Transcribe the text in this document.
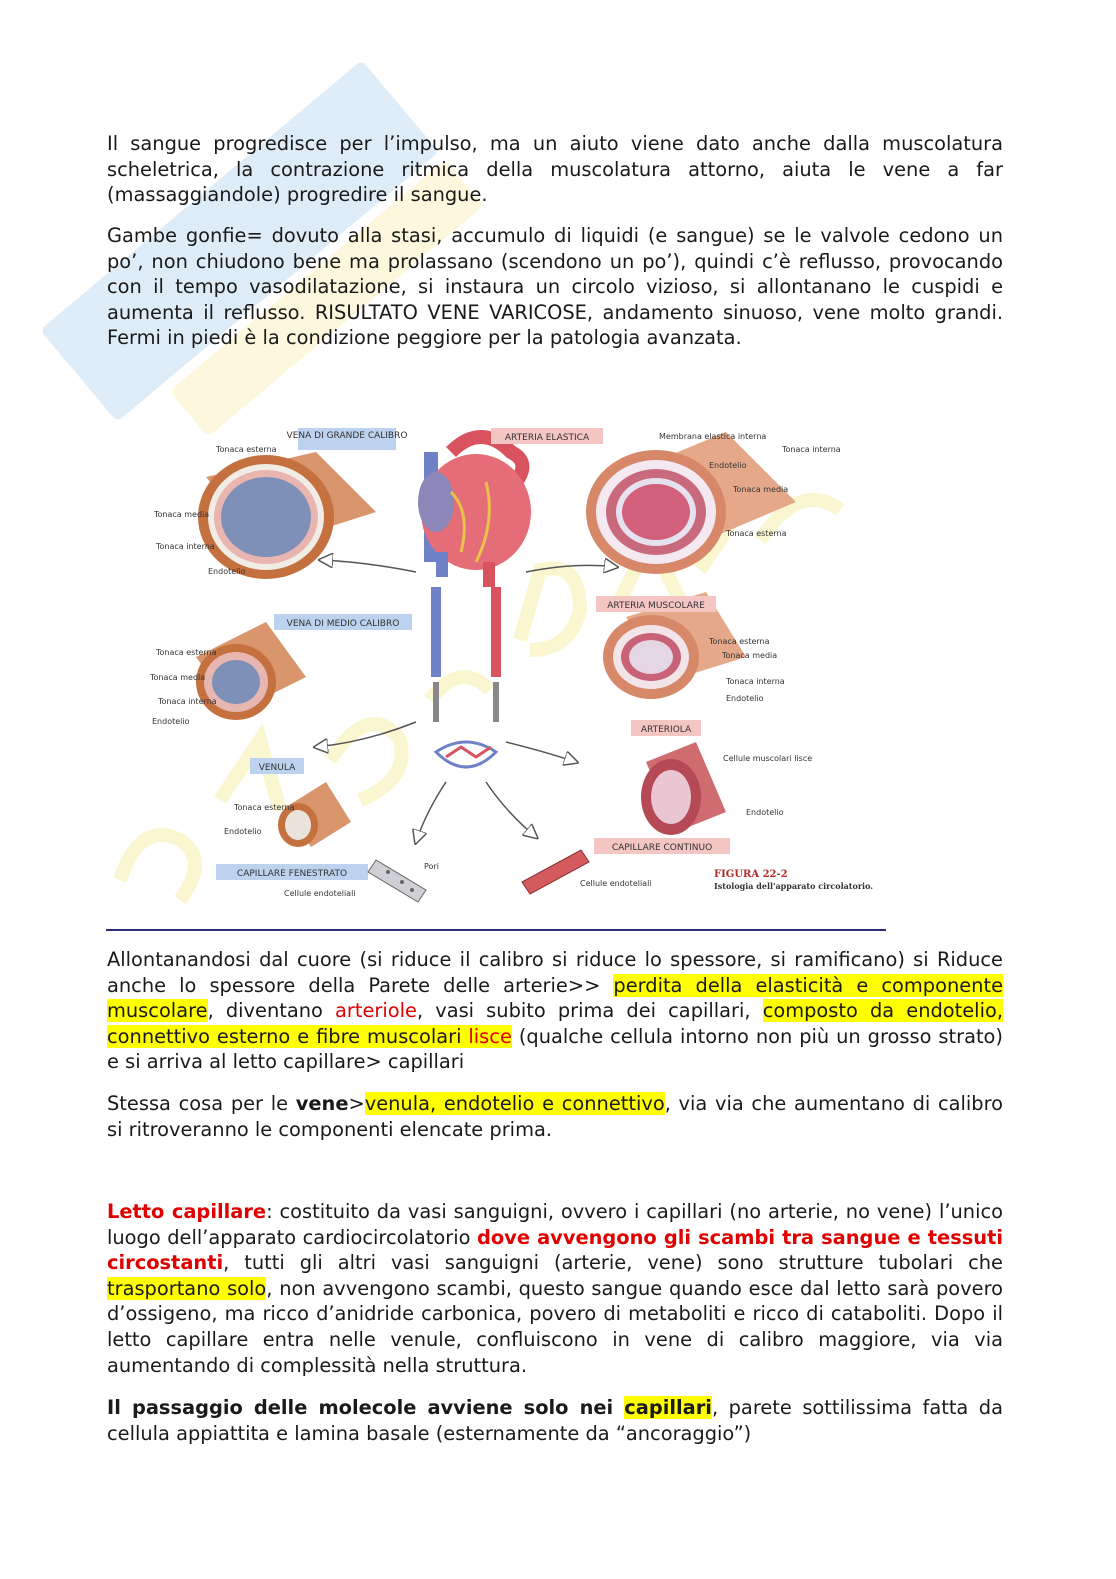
Il sangue progredisce per l’impulso, ma un aiuto viene dato anche dalla muscolatura scheletrica, la contrazione ritmica della muscolatura attorno, aiuta le vene a far (massaggiandole) progredire il sangue.

Gambe gonfie= dovuto alla stasi, accumulo di liquidi (e sangue) se le valvole cedono un po’, non chiudono bene ma prolassano (scendono un po’), quindi c’è reflusso, provocando con il tempo vasodilatazione, si instaura un circolo vizioso, si allontanano le cuspidi e aumenta il reflusso. RISULTATO VENE VARICOSE, andamento sinuoso, vene molto grandi. Fermi in piedi è la condizione peggiore per la patologia avanzata.

VENA DI GRANDE CALIBRO
Tonaca esterna
Tonaca media
Tonaca interna
Endotelio
ARTERIA ELASTICA	Membrana elastica interna
Endotelio
Tonaca interna
Tonaca media
Tonaca esterna
VENA DI MEDIO CALIBRO
Tonaca esterna
Tonaca media
Tonaca interna
Endotelio
ARTERIA MUSCOLARE
Tonaca esterna
Tonaca media
Tonaca interna
Endotelio
ARTERIOLA
Cellule muscolari lisce
Endotelio
VENULA
Tonaca esterna
Endotelio
CAPILLARE FENESTRATO
Pori
Cellule endoteliali
CAPILLARE CONTINUO
Cellule endoteliali
FIGURA 22-2
Istologia dell'apparato circolatorio.

Allontanandosi dal cuore (si riduce il calibro si riduce lo spessore, si ramificano) si Riduce anche lo spessore della Parete delle arterie>> perdita della elasticità e componente muscolare, diventano arteriole, vasi subito prima dei capillari, composto da endotelio, connettivo esterno e fibre muscolari lisce (qualche cellula intorno non più un grosso strato) e si arriva al letto capillare> capillari

Stessa cosa per le vene>venula, endotelio e connettivo, via via che aumentano di calibro si ritroveranno le componenti elencate prima.

Letto capillare: costituito da vasi sanguigni, ovvero i capillari (no arterie, no vene) l’unico luogo dell’apparato cardiocircolatorio dove avvengono gli scambi tra sangue e tessuti circostanti, tutti gli altri vasi sanguigni (arterie, vene) sono strutture tubolari che trasportano solo, non avvengono scambi, questo sangue quando esce dal letto sarà povero d’ossigeno, ma ricco d’anidride carbonica, povero di metaboliti e ricco di cataboliti. Dopo il letto capillare entra nelle venule, confluiscono in vene di calibro maggiore, via via aumentando di complessità nella struttura.

Il passaggio delle molecole avviene solo nei capillari, parete sottilissima fatta da cellula appiattita e lamina basale (esternamente da “ancoraggio”)
